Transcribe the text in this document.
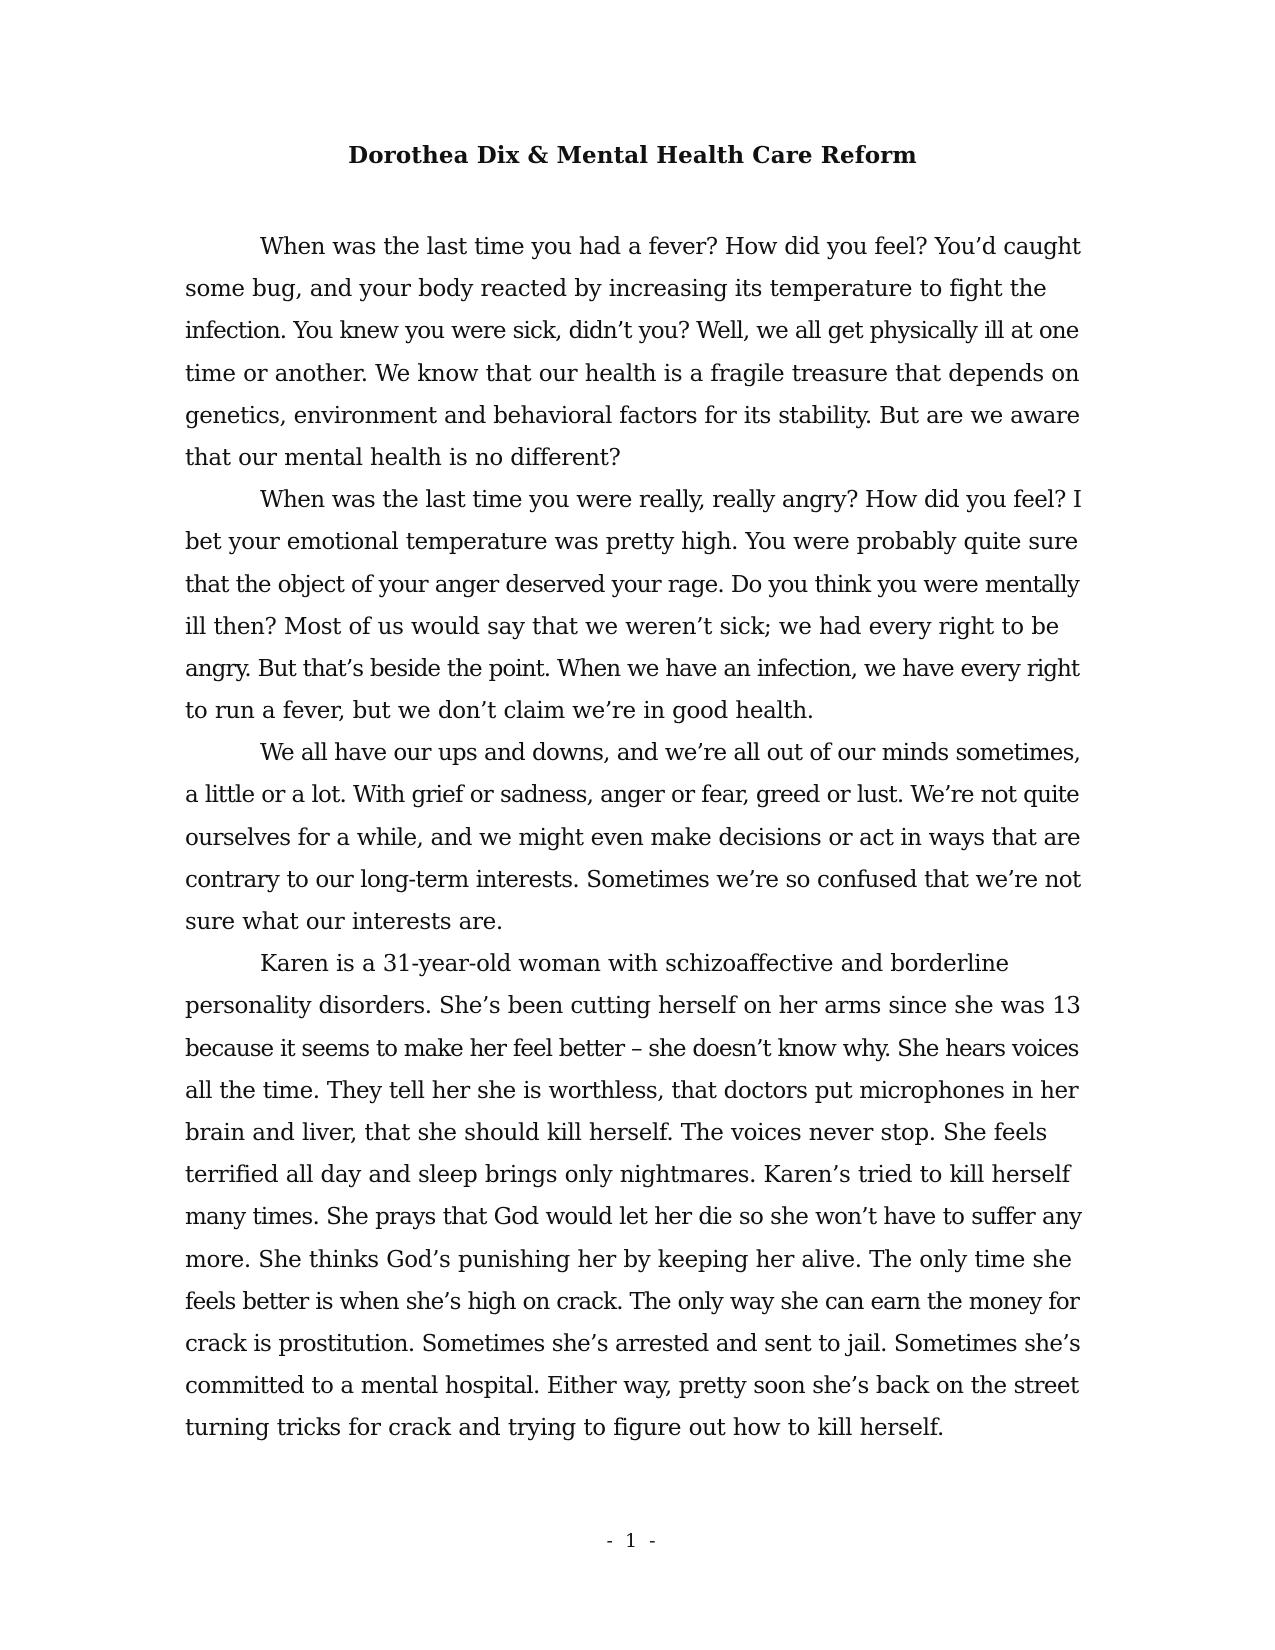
Dorothea Dix & Mental Health Care Reform
When was the last time you had a fever? How did you feel? You’d caught
some bug, and your body reacted by increasing its temperature to fight the
infection. You knew you were sick, didn’t you? Well, we all get physically ill at one
time or another. We know that our health is a fragile treasure that depends on
genetics, environment and behavioral factors for its stability. But are we aware
that our mental health is no different?
When was the last time you were really, really angry? How did you feel? I
bet your emotional temperature was pretty high. You were probably quite sure
that the object of your anger deserved your rage. Do you think you were mentally
ill then? Most of us would say that we weren’t sick; we had every right to be
angry. But that’s beside the point. When we have an infection, we have every right
to run a fever, but we don’t claim we’re in good health.
We all have our ups and downs, and we’re all out of our minds sometimes,
a little or a lot. With grief or sadness, anger or fear, greed or lust. We’re not quite
ourselves for a while, and we might even make decisions or act in ways that are
contrary to our long-term interests. Sometimes we’re so confused that we’re not
sure what our interests are.
Karen is a 31-year-old woman with schizoaffective and borderline
personality disorders. She’s been cutting herself on her arms since she was 13
because it seems to make her feel better – she doesn’t know why. She hears voices
all the time. They tell her she is worthless, that doctors put microphones in her
brain and liver, that she should kill herself. The voices never stop. She feels
terrified all day and sleep brings only nightmares. Karen’s tried to kill herself
many times. She prays that God would let her die so she won’t have to suffer any
more. She thinks God’s punishing her by keeping her alive. The only time she
feels better is when she’s high on crack. The only way she can earn the money for
crack is prostitution. Sometimes she’s arrested and sent to jail. Sometimes she’s
committed to a mental hospital. Either way, pretty soon she’s back on the street
turning tricks for crack and trying to figure out how to kill herself.
- 1 -
